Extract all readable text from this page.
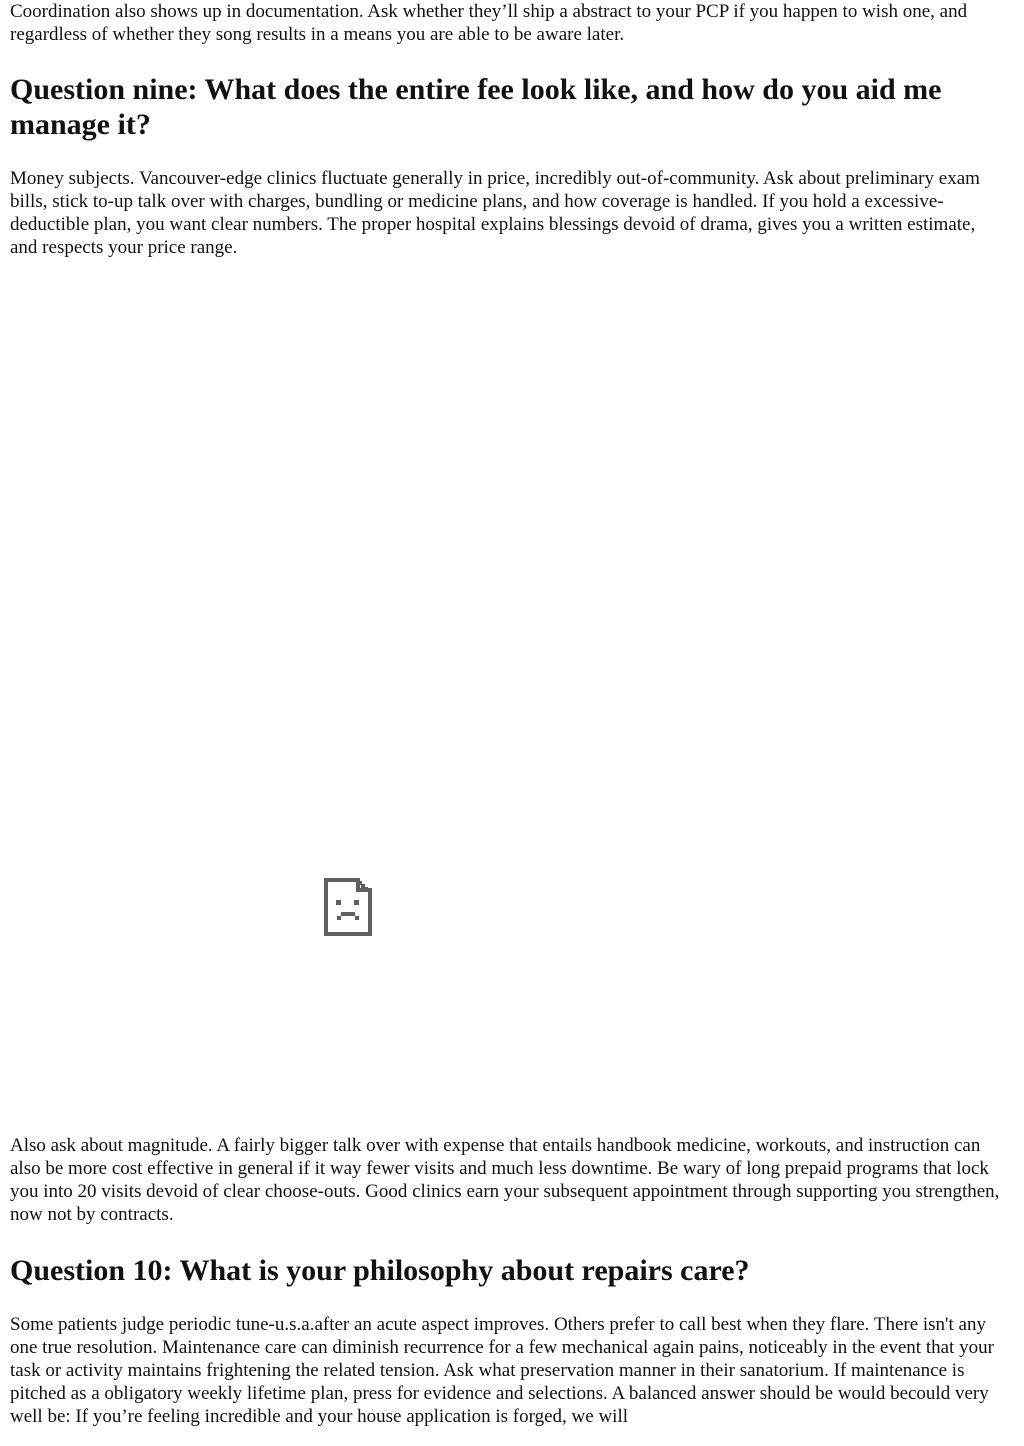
Coordination also shows up in documentation. Ask whether they’ll ship a abstract to your PCP if you happen to wish one, and regardless of whether they song results in a means you are able to be aware later.

Question nine: What does the entire fee look like, and how do you aid me manage it?

Money subjects. Vancouver-edge clinics fluctuate generally in price, incredibly out-of-community. Ask about preliminary exam bills, stick to-up talk over with charges, bundling or medicine plans, and how coverage is handled. If you hold a excessive-deductible plan, you want clear numbers. The proper hospital explains blessings devoid of drama, gives you a written estimate, and respects your price range.

Also ask about magnitude. A fairly bigger talk over with expense that entails handbook medicine, workouts, and instruction can also be more cost effective in general if it way fewer visits and much less downtime. Be wary of long prepaid programs that lock you into 20 visits devoid of clear choose-outs. Good clinics earn your subsequent appointment through supporting you strengthen, now not by contracts.

Question 10: What is your philosophy about repairs care?

Some patients judge periodic tune-u.s.a.after an acute aspect improves. Others prefer to call best when they flare. There isn't any one true resolution. Maintenance care can diminish recurrence for a few mechanical again pains, noticeably in the event that your task or activity maintains frightening the related tension. Ask what preservation manner in their sanatorium. If maintenance is pitched as a obligatory weekly lifetime plan, press for evidence and selections. A balanced answer should be would becould very well be: If you’re feeling incredible and your house application is forged, we will
